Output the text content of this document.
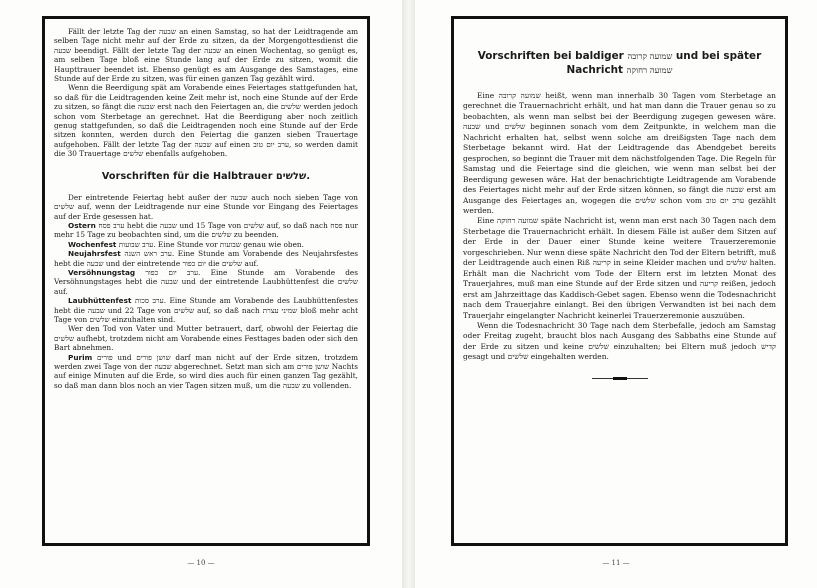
Fällt der letzte Tag der שבעה an einen Samstag, so hat der Leidtragende am selben Tage nicht mehr auf der Erde zu sitzen, da der Morgengottesdienst die שבעה beendigt. Fällt der letzte Tag der שבעה an einen Wochentag, so genügt es, am selben Tage bloß eine Stunde lang auf der Erde zu sitzen, womit die Haupttrauer beendet ist. Ebenso genügt es am Ausgange des Samstages, eine Stunde auf der Erde zu sitzen, was für einen ganzen Tag gezählt wird.

Wenn die Beerdigung spät am Vorabende eines Feiertages stattgefunden hat, so daß für die Leidtragenden keine Zeit mehr ist, noch eine Stunde auf der Erde zu sitzen, so fängt die שבעה erst nach den Feiertagen an, die שלשים werden jedoch schon vom Sterbetage an gerechnet. Hat die Beerdigung aber noch zeitlich genug stattgefunden, so daß die Leidtragenden noch eine Stunde auf der Erde sitzen konnten, werden durch den Feiertag die ganzen sieben Trauertage aufgehoben. Fällt der letzte Tag der שבעה auf einen ערב יום טוב, so werden damit die 30 Trauertage שלשים ebenfalls aufgehoben.

Vorschriften für die Halbtrauer שלשים.

Der eintretende Feiertag hebt außer der שבעה auch noch sieben Tage von שלשים auf, wenn der Leidtragende nur eine Stunde vor Eingang des Feiertages auf der Erde gesessen hat.

Ostern ערב פסח hebt die שבעה und 15 Tage von שלשים auf, so daß nach פסח nur mehr 15 Tage zu beobachten sind, um die שלשים zu beenden.

Wochenfest ערב שבועות. Eine Stunde vor שבועות genau wie oben.

Neujahrsfest ערב ראש השנה. Eine Stunde am Vorabende des Neujahrsfestes hebt die שבעה und der eintretende יום כפור die שלשים auf.

Versöhnungstag ערב יום כפור. Eine Stunde am Vorabende des Versöhnungstages hebt die שבעה und der eintretende Laubhüttenfest die שלשים auf.

Laubhüttenfest ערב סכות. Eine Stunde am Vorabende des Laubhüttenfestes hebt die שבעה und 22 Tage von שלשים auf, so daß nach שמיני עצרת bloß mehr acht Tage von שלשים einzuhalten sind.

Wer den Tod von Vater und Mutter betrauert, darf, obwohl der Feiertag die שלשים aufhebt, trotzdem nicht am Vorabende eines Festtages baden oder sich den Bart abnehmen.

Purim פורים und שושן פורים darf man nicht auf der Erde sitzen, trotzdem werden zwei Tage von der שבעה abgerechnet. Setzt man sich am שושן פורים Nachts auf einige Minuten auf die Erde, so wird dies auch für einen ganzen Tag gezählt, so daß man dann blos noch an vier Tagen sitzen muß, um die שבעה zu vollenden.

— 10 —
Vorschriften bei baldiger שמועה קרובה und bei später
Nachricht שמועה רחוקה

Eine שמועה קרובה heißt, wenn man innerhalb 30 Tagen vom Sterbetage an gerechnet die Trauernachricht erhält, und hat man dann die Trauer genau so zu beobachten, als wenn man selbst bei der Beerdigung zugegen gewesen wäre. שבעה und שלשים beginnen sonach vom dem Zeitpunkte, in welchem man die Nachricht erhalten hat, selbst wenn solche am dreißigsten Tage nach dem Sterbetage bekannt wird. Hat der Leidtragende das Abendgebet bereits gesprochen, so beginnt die Trauer mit dem nächstfolgenden Tage. Die Regeln für Samstag und die Feiertage sind die gleichen, wie wenn man selbst bei der Beerdigung gewesen wäre. Hat der benachrichtigte Leidtragende am Vorabende des Feiertages nicht mehr auf der Erde sitzen können, so fängt die שבעה erst am Ausgange des Feiertages an, wogegen die שלשים schon vom ערב יום טוב gezählt werden.

Eine שמועה רחוקה späte Nachricht ist, wenn man erst nach 30 Tagen nach dem Sterbetage die Trauernachricht erhält. In diesem Fälle ist außer dem Sitzen auf der Erde in der Dauer einer Stunde keine weitere Trauerzeremonie vorgeschrieben. Nur wenn diese späte Nachricht den Tod der Eltern betrifft, muß der Leidtragende auch einen Riß קריעה in seine Kleider machen und שלשים halten. Erhält man die Nachricht vom Tode der Eltern erst im letzten Monat des Trauerjahres, muß man eine Stunde auf der Erde sitzen und קריעה reißen, jedoch erst am Jahrzeittage das Kaddisch-Gebet sagen. Ebenso wenn die Todesnachricht nach dem Trauerjahre einlangt. Bei den übrigen Verwandten ist bei nach dem Trauerjahr eingelangter Nachricht keinerlei Trauerzeremonie auszuüben.

Wenn die Todesnachricht 30 Tage nach dem Sterbefalle, jedoch am Samstag oder Freitag zugeht, braucht blos nach Ausgang des Sabbaths eine Stunde auf der Erde zu sitzen und keine שלשים einzuhalten; bei Eltern muß jedoch קדיש gesagt und שלשים eingehalten werden.

— 11 —
